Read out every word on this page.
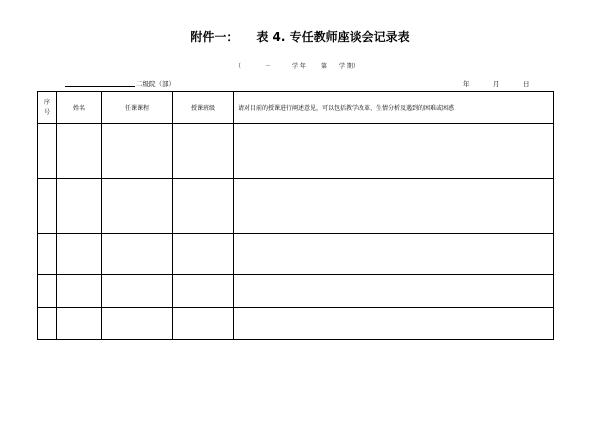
附件一： 表 4. 专任教师座谈会记录表
（	－	学 年	第 学 期）
二级院（部）	年	月	日
序
号	姓名	任课课程	授课班级	请对目前的授课进行阐述意见，可以包括教学改革、生情分析及遇到的困难或困惑
